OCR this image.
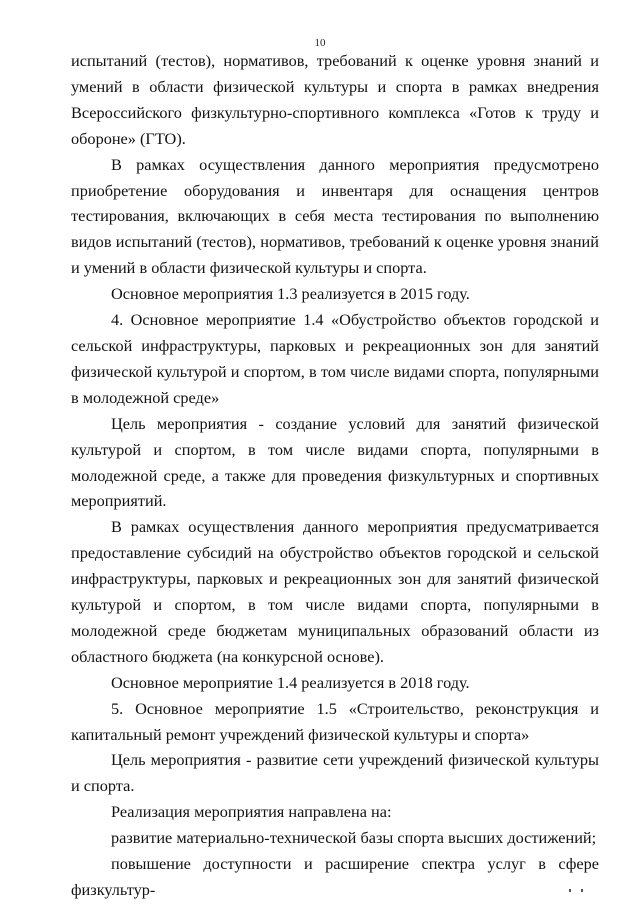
10

испытаний (тестов), нормативов, требований к оценке уровня знаний и умений в области физической культуры и спорта в рамках внедрения Всероссийского физкультурно-спортивного комплекса «Готов к труду и обороне» (ГТО).

В рамках осуществления данного мероприятия предусмотрено приобретение оборудования и инвентаря для оснащения центров тестирования, включающих в себя места тестирования по выполнению видов испытаний (тестов), нормативов, требований к оценке уровня знаний и умений в области физической культуры и спорта.

Основное мероприятия 1.3 реализуется в 2015 году.

4. Основное мероприятие 1.4 «Обустройство объектов городской и сельской инфраструктуры, парковых и рекреационных зон для занятий физической культурой и спортом, в том числе видами спорта, популярными в молодежной среде»

Цель мероприятия - создание условий для занятий физической культурой и спортом, в том числе видами спорта, популярными в молодежной среде, а также для проведения физкультурных и спортивных мероприятий.

В рамках осуществления данного мероприятия предусматривается предоставление субсидий на обустройство объектов городской и сельской инфраструктуры, парковых и рекреационных зон для занятий физической культурой и спортом, в том числе видами спорта, популярными в молодежной среде бюджетам муниципальных образований области из областного бюджета (на конкурсной основе).

Основное мероприятие 1.4 реализуется в 2018 году.

5. Основное мероприятие 1.5 «Строительство, реконструкция и капитальный ремонт учреждений физической культуры и спорта»

Цель мероприятия - развитие сети учреждений физической культуры и спорта.

Реализация мероприятия направлена на:

развитие материально-технической базы спорта высших достижений;

повышение доступности и расширение спектра услуг в сфере физкультур-
